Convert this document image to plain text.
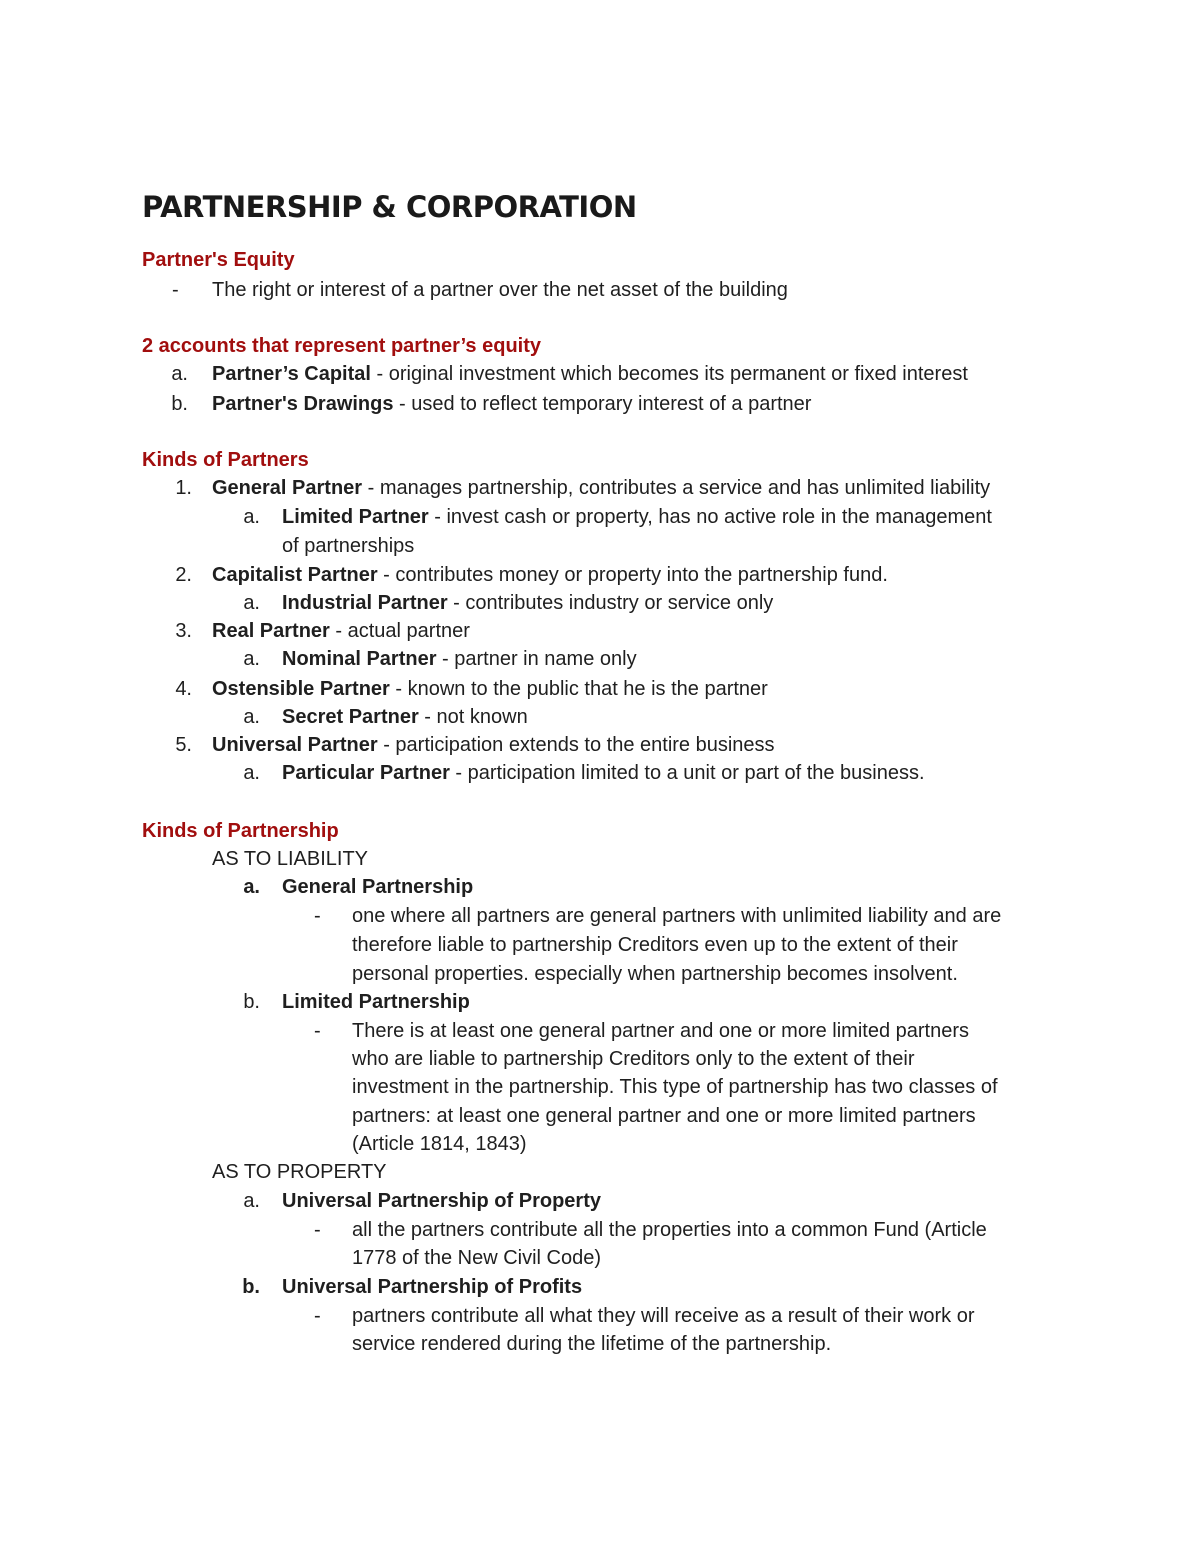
PARTNERSHIP & CORPORATION
Partner's Equity
- The right or interest of a partner over the net asset of the building
2 accounts that represent partner’s equity
a. Partner’s Capital - original investment which becomes its permanent or fixed interest
b. Partner's Drawings - used to reflect temporary interest of a partner
Kinds of Partners
1. General Partner - manages partnership, contributes a service and has unlimited liability
a. Limited Partner - invest cash or property, has no active role in the management
of partnerships
2. Capitalist Partner - contributes money or property into the partnership fund.
a. Industrial Partner - contributes industry or service only
3. Real Partner - actual partner
a. Nominal Partner - partner in name only
4. Ostensible Partner - known to the public that he is the partner
a. Secret Partner - not known
5. Universal Partner - participation extends to the entire business
a. Particular Partner - participation limited to a unit or part of the business.
Kinds of Partnership
AS TO LIABILITY
a. General Partnership
- one where all partners are general partners with unlimited liability and are
therefore liable to partnership Creditors even up to the extent of their
personal properties. especially when partnership becomes insolvent.
b. Limited Partnership
- There is at least one general partner and one or more limited partners
who are liable to partnership Creditors only to the extent of their
investment in the partnership. This type of partnership has two classes of
partners: at least one general partner and one or more limited partners
(Article 1814, 1843)
AS TO PROPERTY
a. Universal Partnership of Property
- all the partners contribute all the properties into a common Fund (Article
1778 of the New Civil Code)
b. Universal Partnership of Profits
- partners contribute all what they will receive as a result of their work or
service rendered during the lifetime of the partnership.
